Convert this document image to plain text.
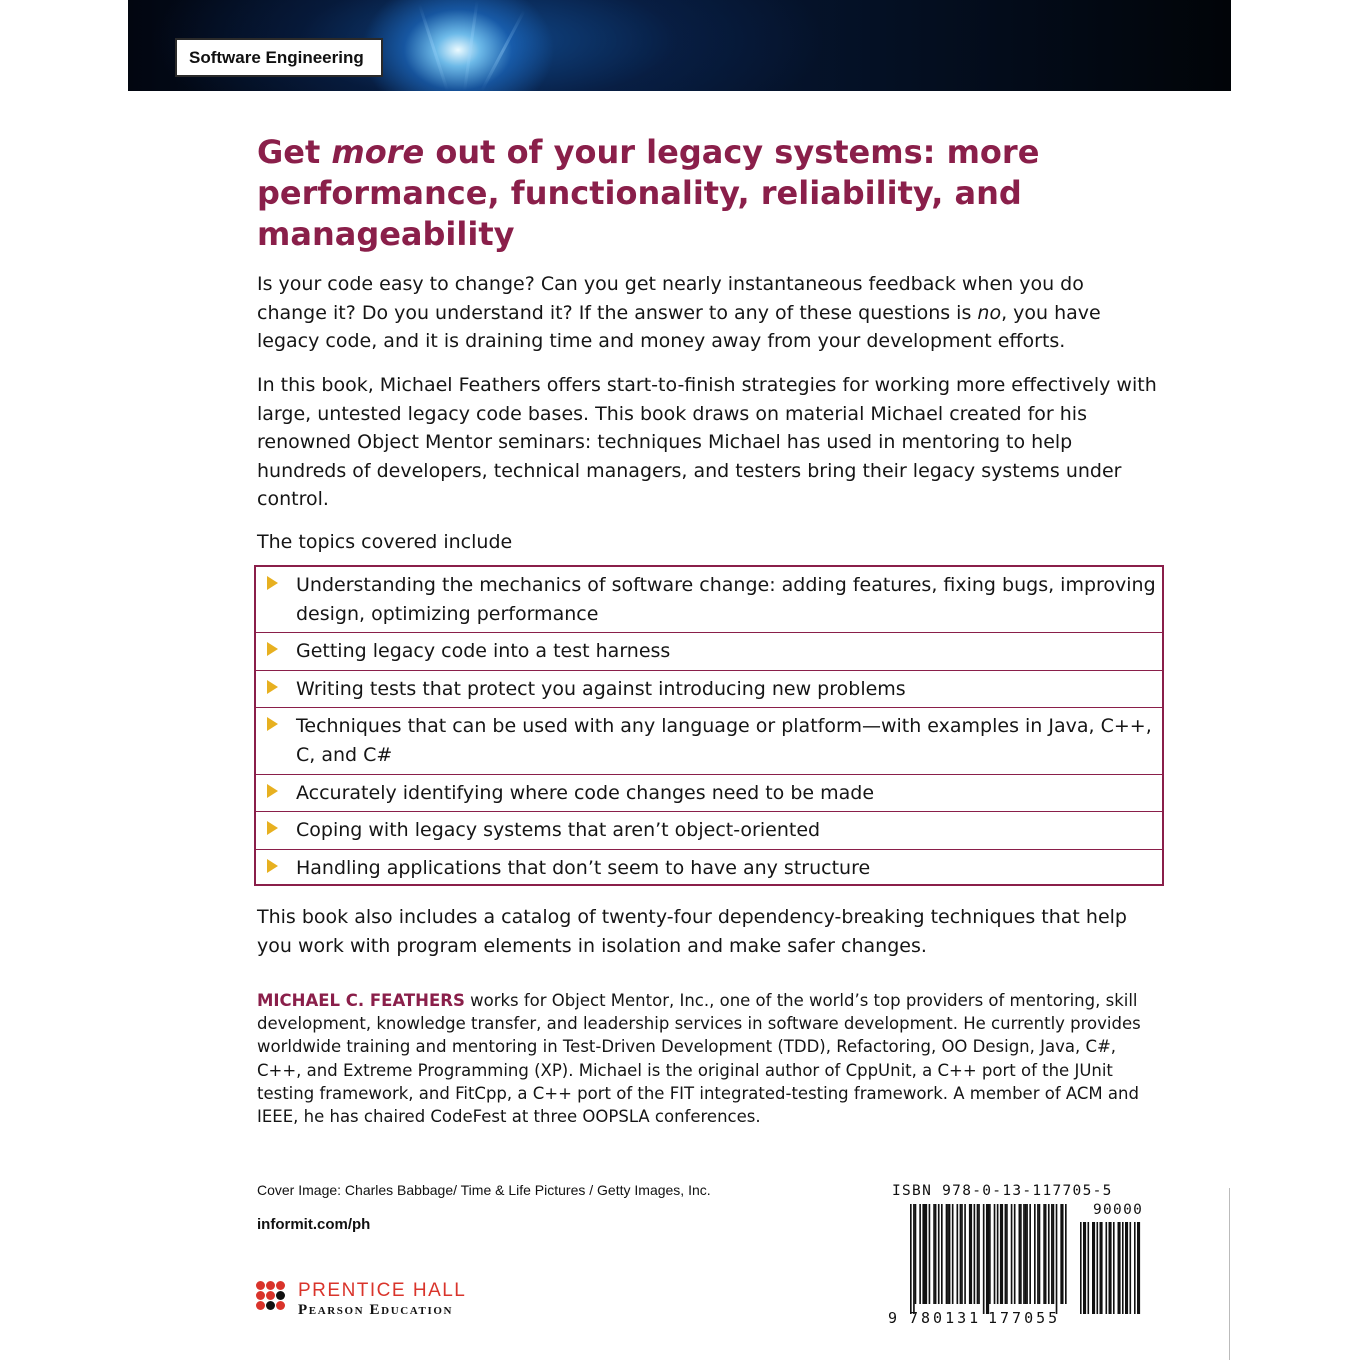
Software Engineering
Get more out of your legacy systems: more performance, functionality, reliability, and manageability

Is your code easy to change? Can you get nearly instantaneous feedback when you do change it? Do you understand it? If the answer to any of these questions is no, you have legacy code, and it is draining time and money away from your development efforts.

In this book, Michael Feathers offers start-to-finish strategies for working more effectively with large, untested legacy code bases. This book draws on material Michael created for his renowned Object Mentor seminars: techniques Michael has used in mentoring to help hundreds of developers, technical managers, and testers bring their legacy systems under control.

The topics covered include

Understanding the mechanics of software change: adding features, fixing bugs, improving design, optimizing performance
Getting legacy code into a test harness
Writing tests that protect you against introducing new problems
Techniques that can be used with any language or platform—with examples in Java, C++, C, and C#
Accurately identifying where code changes need to be made
Coping with legacy systems that aren’t object-oriented
Handling applications that don’t seem to have any structure

This book also includes a catalog of twenty-four dependency-breaking techniques that help you work with program elements in isolation and make safer changes.

MICHAEL C. FEATHERS works for Object Mentor, Inc., one of the world’s top providers of mentoring, skill development, knowledge transfer, and leadership services in software development. He currently provides worldwide training and mentoring in Test-Driven Development (TDD), Refactoring, OO Design, Java, C#, C++, and Extreme Programming (XP). Michael is the original author of CppUnit, a C++ port of the JUnit testing framework, and FitCpp, a C++ port of the FIT integrated-testing framework. A member of ACM and IEEE, he has chaired CodeFest at three OOPSLA conferences.

Cover Image: Charles Babbage/ Time & Life Pictures / Getty Images, Inc.
informit.com/ph
PRENTICE HALL
Pearson Education
ISBN 978-0-13-117705-5
90000
9 780131 177055
